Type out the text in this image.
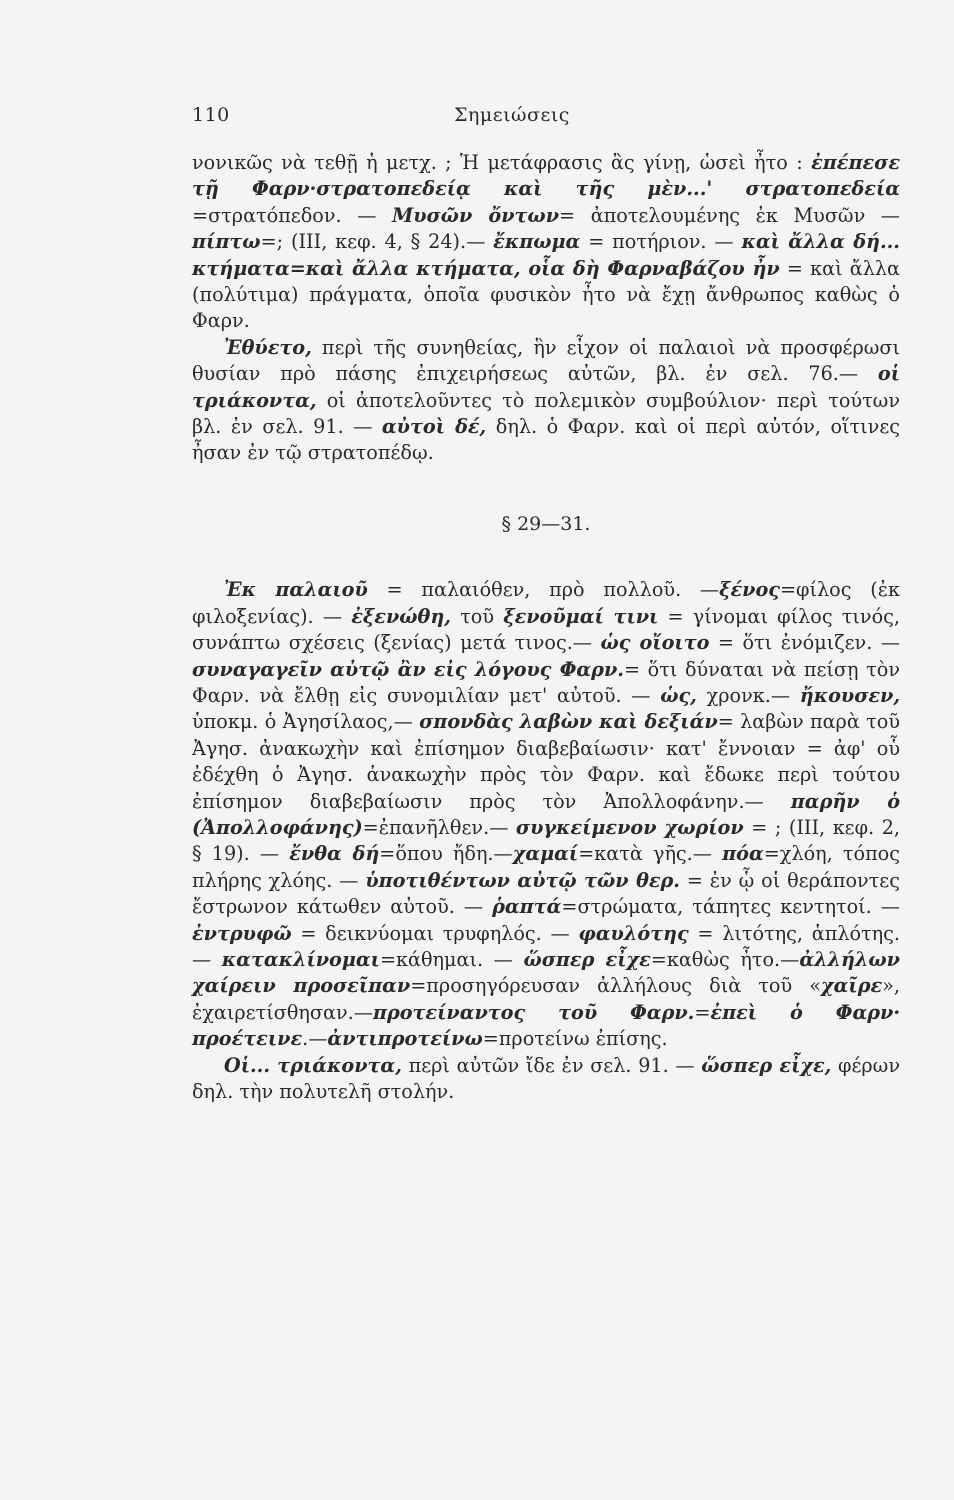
110	Σημειώσεις

νονικῶς νὰ τεθῇ ἡ μετχ. ; Ἡ μετάφρασις ἂς γίνῃ, ὡσεὶ ἦτο : ἐπέπεσε τῇ Φαρν·στρατοπεδείᾳ καὶ τῆς μὲν...' στρατοπεδεία =στρατόπεδον. — Μυσῶν ὄντων= ἀποτελουμένης ἐκ Μυσῶν — πίπτω=; (III, κεφ. 4, § 24).— ἔκπωμα = ποτήριον. — καὶ ἄλλα δή... κτήματα=καὶ ἄλλα κτήματα, οἷα δὴ Φαρναβάζου ἦν = καὶ ἄλλα (πολύτιμα) πράγματα, ὁποῖα φυσικὸν ἦτο νὰ ἔχῃ ἄνθρωπος καθὼς ὁ Φαρν.

Ἐθύετο, περὶ τῆς συνηθείας, ἣν εἶχον οἱ παλαιοὶ νὰ προσφέρωσι θυσίαν πρὸ πάσης ἐπιχειρήσεως αὐτῶν, βλ. ἐν σελ. 76.— οἱ τριάκοντα, οἱ ἀποτελοῦντες τὸ πολεμικὸν συμβούλιον· περὶ τούτων βλ. ἐν σελ. 91. — αὐτοὶ δέ, δηλ. ὁ Φαρν. καὶ οἱ περὶ αὐτόν, οἵτινες ἦσαν ἐν τῷ στρατοπέδῳ.

§ 29—31.

Ἐκ παλαιοῦ = παλαιόθεν, πρὸ πολλοῦ. —ξένος=φίλος (ἐκ φιλοξενίας). — ἐξενώθη, τοῦ ξενοῦμαί τινι = γίνομαι φίλος τινός, συνάπτω σχέσεις (ξενίας) μετά τινος.— ὡς οἴοιτο = ὅτι ἐνόμιζεν. — συναγαγεῖν αὐτῷ ἂν εἰς λόγους Φαρν.= ὅτι δύναται νὰ πείσῃ τὸν Φαρν. νὰ ἔλθῃ εἰς συνομιλίαν μετ' αὐτοῦ. — ὡς, χρονκ.— ἤκουσεν, ὑποκμ. ὁ Ἀγησίλαος,— σπονδὰς λαβὼν καὶ δεξιάν= λαβὼν παρὰ τοῦ Ἀγησ. ἀνακωχὴν καὶ ἐπίσημον διαβεβαίωσιν· κατ' ἔννοιαν = ἀφ' οὗ ἐδέχθη ὁ Ἀγησ. ἀνακωχὴν πρὸς τὸν Φαρν. καὶ ἔδωκε περὶ τούτου ἐπίσημον διαβεβαίωσιν πρὸς τὸν Ἀπολλοφάνην.— παρῆν ὁ (Ἀπολλοφάνης)=ἐπανῆλθεν.— συγκείμενον χωρίον = ; (III, κεφ. 2, § 19). — ἔνθα δή=ὅπου ἤδη.—χαμαί=κατὰ γῆς.— πόα=χλόη, τόπος πλήρης χλόης. — ὑποτιθέντων αὐτῷ τῶν θερ. = ἐν ᾧ οἱ θεράποντες ἔστρωνον κάτωθεν αὐτοῦ. — ῥαπτά=στρώματα, τάπητες κεντητοί. — ἐντρυφῶ = δεικνύομαι τρυφηλός. — φαυλότης = λιτότης, ἁπλότης. — κατακλίνομαι=κάθημαι. — ὥσπερ εἶχε=καθὼς ἦτο.—ἀλλήλων χαίρειν προσεῖπαν=προσηγόρευσαν ἀλλήλους διὰ τοῦ «χαῖρε», ἐχαιρετίσθησαν.—προτείναντος τοῦ Φαρν.=ἐπεὶ ὁ Φαρν· προέτεινε.—ἀντιπροτείνω=προτείνω ἐπίσης.

Οἱ... τριάκοντα, περὶ αὐτῶν ἴδε ἐν σελ. 91. — ὥσπερ εἶχε, φέρων δηλ. τὴν πολυτελῆ στολήν.
